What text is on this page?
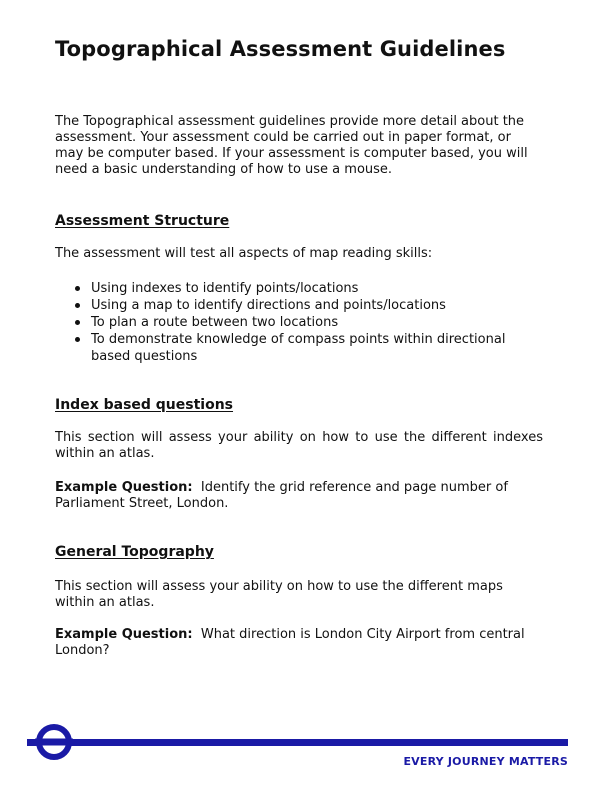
Topographical Assessment Guidelines

The Topographical assessment guidelines provide more detail about the assessment. Your assessment could be carried out in paper format, or may be computer based. If your assessment is computer based, you will need a basic understanding of how to use a mouse.

Assessment Structure

The assessment will test all aspects of map reading skills:

Using indexes to identify points/locations
Using a map to identify directions and points/locations
To plan a route between two locations
To demonstrate knowledge of compass points within directional based questions
Index based questions

This section will assess your ability on how to use the different indexes within an atlas.

Example Question: Identify the grid reference and page number of Parliament Street, London.

General Topography

This section will assess your ability on how to use the different maps within an atlas.

Example Question: What direction is London City Airport from central London?

EVERY JOURNEY MATTERS
